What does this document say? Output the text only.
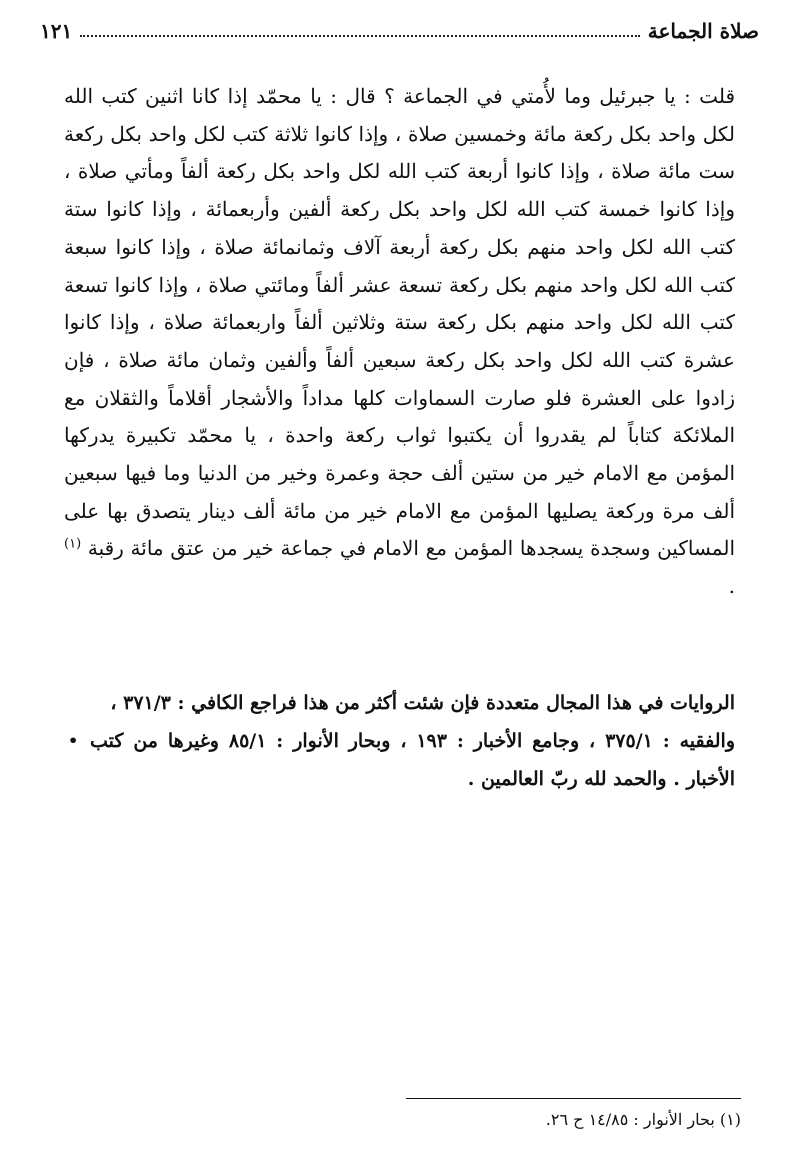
صلاة الجماعة
١٢١
قلت : يا جبرئيل وما لأُمتي في الجماعة ؟ قال : يا محمّد إذا كانا اثنين كتب الله لكل واحد بكل ركعة مائة وخمسين صلاة ، وإذا كانوا ثلاثة كتب لكل واحد بكل ركعة ست مائة صلاة ، وإذا كانوا أربعة كتب الله لكل واحد بكل ركعة ألفاً ومأتي صلاة ، وإذا كانوا خمسة كتب الله لكل واحد بكل ركعة ألفين وأربعمائة ، وإذا كانوا ستة كتب الله لكل واحد منهم بكل ركعة أربعة آلاف وثمانمائة صلاة ، وإذا كانوا سبعة كتب الله لكل واحد منهم بكل ركعة تسعة عشر ألفاً ومائتي صلاة ، وإذا كانوا تسعة كتب الله لكل واحد منهم بكل ركعة ستة وثلاثين ألفاً واربعمائة صلاة ، وإذا كانوا عشرة كتب الله لكل واحد بكل ركعة سبعين ألفاً وألفين وثمان مائة صلاة ، فإن زادوا على العشرة فلو صارت السماوات كلها مداداً والأشجار أقلاماً والثقلان مع الملائكة كتاباً لم يقدروا أن يكتبوا ثواب ركعة واحدة ، يا محمّد تكبيرة يدركها المؤمن مع الامام خير من ستين ألف حجة وعمرة وخير من الدنيا وما فيها سبعين ألف مرة وركعة يصليها المؤمن مع الامام خير من مائة ألف دينار يتصدق بها على المساكين وسجدة يسجدها المؤمن مع الامام في جماعة خير من عتق مائة رقبة $^{(١)}$ .
الروايات في هذا المجال متعددة فإن شئت أكثر من هذا فراجع الكافي : ٣٧١/٣ ،
• والفقيه : ٣٧٥/١ ، وجامع الأخبار : ١٩٣ ، وبحار الأنوار : ٨٥/١ وغيرها من كتب الأخبار . والحمد لله ربّ العالمين .
(١) بحار الأنوار : ١٤/٨٥ ح ٢٦.
